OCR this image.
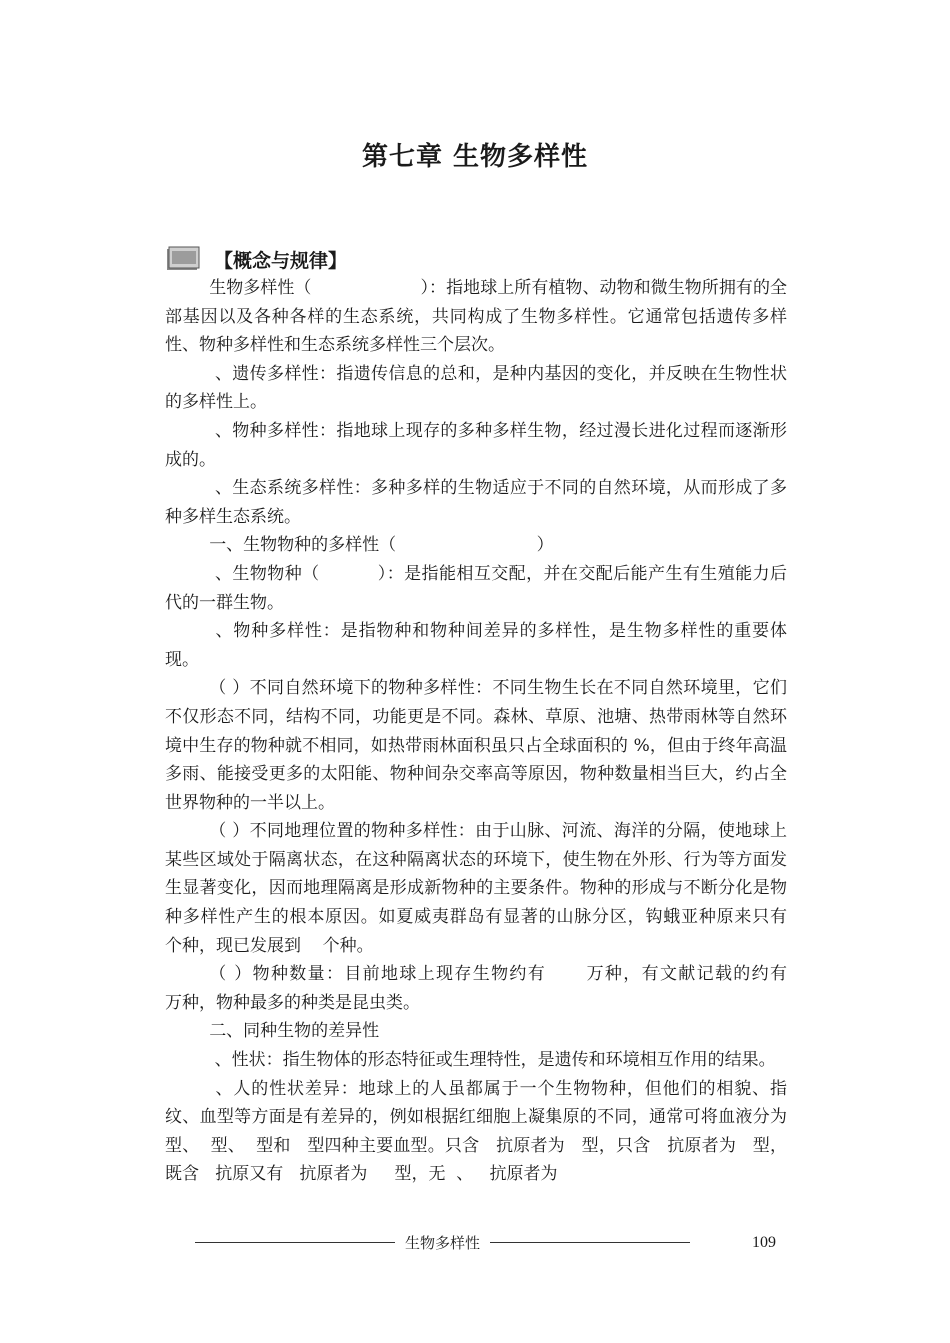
第七章 生物多样性
【概念与规律】

生物多样性（                    ）：指地球上所有植物、动物和微生物所拥有的全部基因以及各种各样的生态系统，共同构成了生物多样性。它通常包括遗传多样性、物种多样性和生态系统多样性三个层次。

、遗传多样性：指遗传信息的总和，是种内基因的变化，并反映在生物性状的多样性上。

、物种多样性：指地球上现存的多种多样生物，经过漫长进化过程而逐渐形成的。

、生态系统多样性：多种多样的生物适应于不同的自然环境，从而形成了多种多样生态系统。

一、生物物种的多样性（                          ）

、生物物种（          ）：是指能相互交配，并在交配后能产生有生殖能力后代的一群生物。

、物种多样性：是指物种和物种间差异的多样性，是生物多样性的重要体现。

（ ）不同自然环境下的物种多样性：不同生物生长在不同自然环境里，它们不仅形态不同，结构不同，功能更是不同。森林、草原、池塘、热带雨林等自然环境中生存的物种就不相同，如热带雨林面积虽只占全球面积的 %，但由于终年高温多雨、能接受更多的太阳能、物种间杂交率高等原因，物种数量相当巨大，约占全世界物种的一半以上。

（ ）不同地理位置的物种多样性：由于山脉、河流、海洋的分隔，使地球上某些区域处于隔离状态，在这种隔离状态的环境下，使生物在外形、行为等方面发生显著变化，因而地理隔离是形成新物种的主要条件。物种的形成与不断分化是物种多样性产生的根本原因。如夏威夷群岛有显著的山脉分区，钩蛾亚种原来只有   个种，现已发展到    个种。

（ ）物种数量：目前地球上现存生物约有      万种，有文献记载的约有      万种，物种最多的种类是昆虫类。

二、同种生物的差异性

、性状：指生物体的形态特征或生理特性，是遗传和环境相互作用的结果。

、人的性状差异：地球上的人虽都属于一个生物物种，但他们的相貌、指纹、血型等方面是有差异的，例如根据红细胞上凝集原的不同，通常可将血液分为   型、  型、  型和   型四种主要血型。只含   抗原者为   型，只含   抗原者为   型，既含   抗原又有   抗原者为     型，无  、   抗原者为

生物多样性	109
